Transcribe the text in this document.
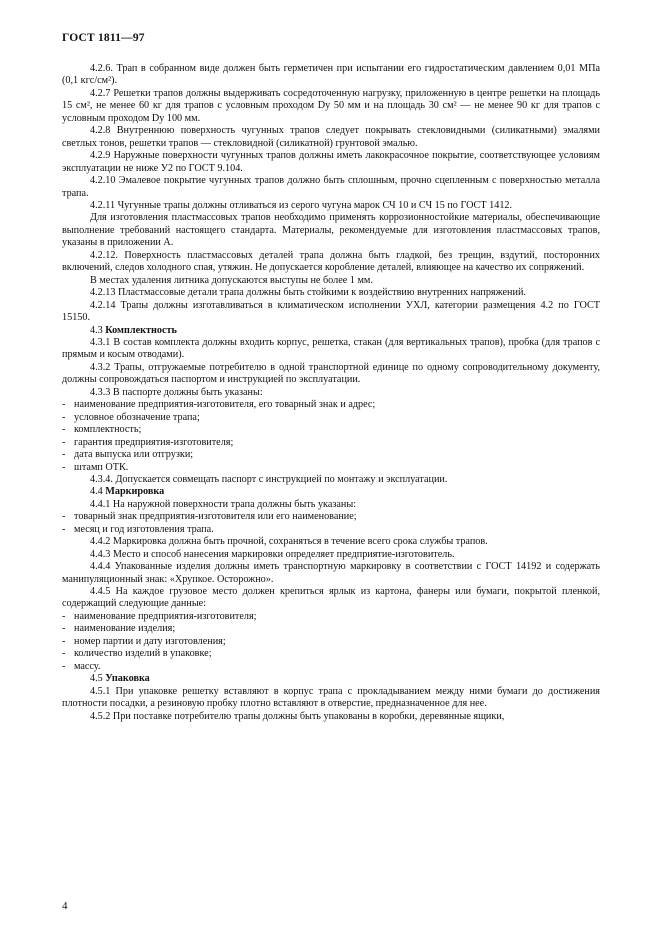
ГОСТ 1811—97

4.2.6. Трап в собранном виде должен быть герметичен при испытании его гидростатическим давлением 0,01 МПа (0,1 кгс/см²).

4.2.7 Решетки трапов должны выдерживать сосредоточенную нагрузку, приложенную в центре решетки на площадь 15 см², не менее 60 кг для трапов с условным проходом Dy 50 мм и на площадь 30 см² — не менее 90 кг для трапов с условным проходом Dy 100 мм.

4.2.8 Внутреннюю поверхность чугунных трапов следует покрывать стекловидными (силикатными) эмалями светлых тонов, решетки трапов — стекловидной (силикатной) грунтовой эмалью.

4.2.9 Наружные поверхности чугунных трапов должны иметь лакокрасочное покрытие, соответствующее условиям эксплуатации не ниже У2 по ГОСТ 9.104.

4.2.10 Эмалевое покрытие чугунных трапов должно быть сплошным, прочно сцепленным с поверхностью металла трапа.

4.2.11 Чугунные трапы должны отливаться из серого чугуна марок СЧ 10 и СЧ 15 по ГОСТ 1412.

Для изготовления пластмассовых трапов необходимо применять коррозионностойкие материалы, обеспечивающие выполнение требований настоящего стандарта. Материалы, рекомендуемые для изготовления пластмассовых трапов, указаны в приложении А.

4.2.12. Поверхность пластмассовых деталей трапа должна быть гладкой, без трещин, вздутий, посторонних включений, следов холодного спая, утяжин. Не допускается коробление деталей, влияющее на качество их сопряжений.

В местах удаления литника допускаются выступы не более 1 мм.

4.2.13 Пластмассовые детали трапа должны быть стойкими к воздействию внутренних напряжений.

4.2.14 Трапы должны изготавливаться в климатическом исполнении УХЛ, категории размещения 4.2 по ГОСТ 15150.

4.3 Комплектность

4.3.1 В состав комплекта должны входить корпус, решетка, стакан (для вертикальных трапов), пробка (для трапов с прямым и косым отводами).

4.3.2 Трапы, отгружаемые потребителю в одной транспортной единице по одному сопроводительному документу, должны сопровождаться паспортом и инструкцией по эксплуатации.

4.3.3 В паспорте должны быть указаны:

- наименование предприятия-изготовителя, его товарный знак и адрес;

- условное обозначение трапа;

- комплектность;

- гарантия предприятия-изготовителя;

- дата выпуска или отгрузки;

- штамп ОТК.

4.3.4. Допускается совмещать паспорт с инструкцией по монтажу и эксплуатации.

4.4 Маркировка

4.4.1 На наружной поверхности трапа должны быть указаны:

- товарный знак предприятия-изготовителя или его наименование;

- месяц и год изготовления трапа.

4.4.2 Маркировка должна быть прочной, сохраняться в течение всего срока службы трапов.

4.4.3 Место и способ нанесения маркировки определяет предприятие-изготовитель.

4.4.4 Упакованные изделия должны иметь транспортную маркировку в соответствии с ГОСТ 14192 и содержать манипуляционный знак: «Хрупкое. Осторожно».

4.4.5 На каждое грузовое место должен крепиться ярлык из картона, фанеры или бумаги, покрытой пленкой, содержащий следующие данные:

- наименование предприятия-изготовителя;

- наименование изделия;

- номер партии и дату изготовления;

- количество изделий в упаковке;

- массу.

4.5 Упаковка

4.5.1 При упаковке решетку вставляют в корпус трапа с прокладыванием между ними бумаги до достижения плотности посадки, а резиновую пробку плотно вставляют в отверстие, предназначенное для нее.

4.5.2 При поставке потребителю трапы должны быть упакованы в коробки, деревянные ящики,

4
